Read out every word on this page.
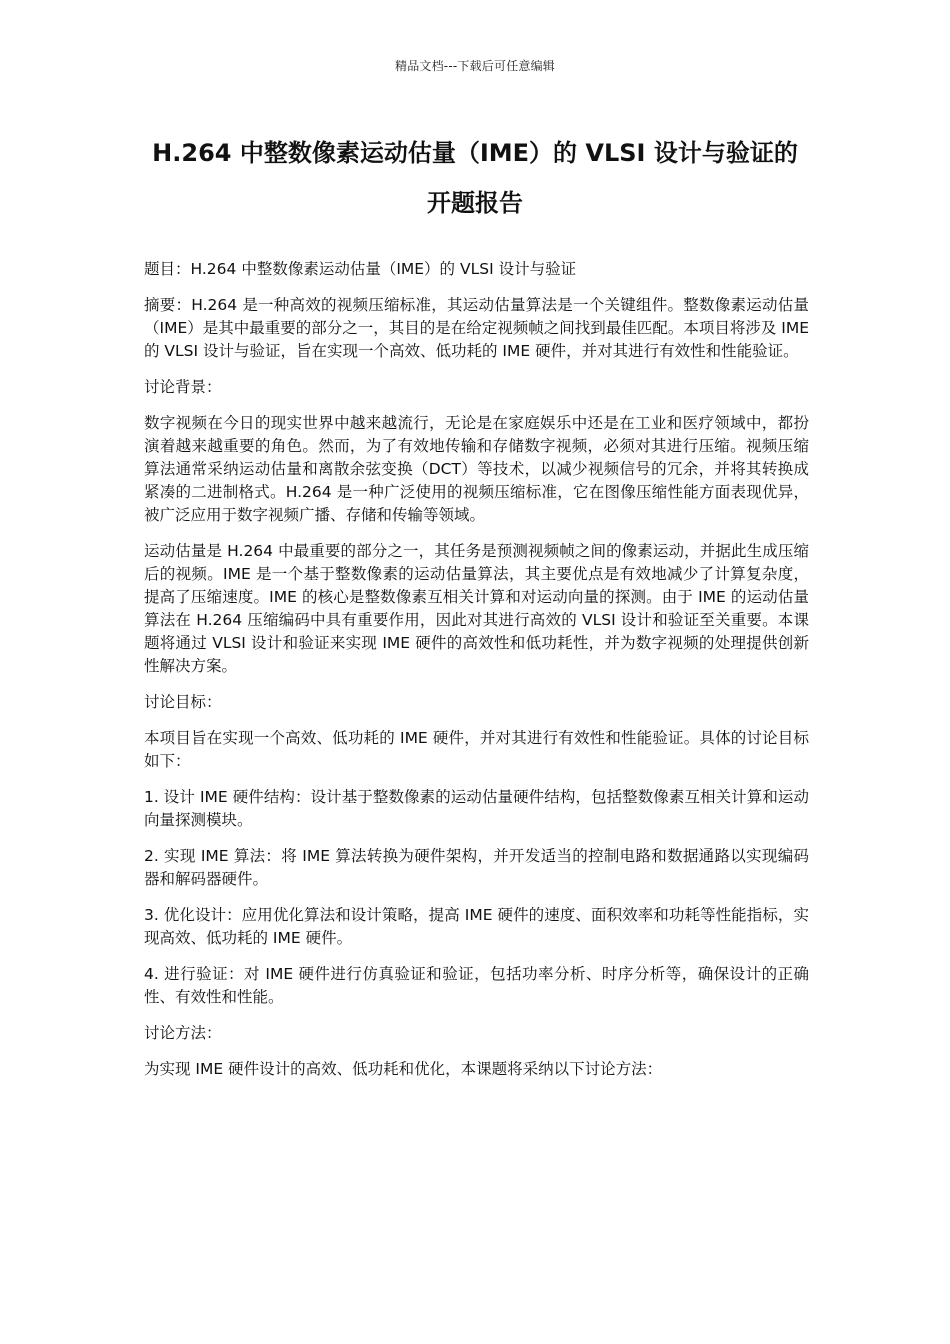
精品文档---下载后可任意编辑
H.264 中整数像素运动估量（IME）的 VLSI 设计与验证的
开题报告

题目：H.264 中整数像素运动估量（IME）的 VLSI 设计与验证

摘要：H.264 是一种高效的视频压缩标准，其运动估量算法是一个关键组件。整数像素运动估量（IME）是其中最重要的部分之一，其目的是在给定视频帧之间找到最佳匹配。本项目将涉及 IME 的 VLSI 设计与验证，旨在实现一个高效、低功耗的 IME 硬件，并对其进行有效性和性能验证。

讨论背景：

数字视频在今日的现实世界中越来越流行，无论是在家庭娱乐中还是在工业和医疗领域中，都扮演着越来越重要的角色。然而，为了有效地传输和存储数字视频，必须对其进行压缩。视频压缩算法通常采纳运动估量和离散余弦变换（DCT）等技术，以减少视频信号的冗余，并将其转换成紧凑的二进制格式。H.264 是一种广泛使用的视频压缩标准，它在图像压缩性能方面表现优异，被广泛应用于数字视频广播、存储和传输等领域。

运动估量是 H.264 中最重要的部分之一，其任务是预测视频帧之间的像素运动，并据此生成压缩后的视频。IME 是一个基于整数像素的运动估量算法，其主要优点是有效地减少了计算复杂度，提高了压缩速度。IME 的核心是整数像素互相关计算和对运动向量的探测。由于 IME 的运动估量算法在 H.264 压缩编码中具有重要作用，因此对其进行高效的 VLSI 设计和验证至关重要。本课题将通过 VLSI 设计和验证来实现 IME 硬件的高效性和低功耗性，并为数字视频的处理提供创新性解决方案。

讨论目标：

本项目旨在实现一个高效、低功耗的 IME 硬件，并对其进行有效性和性能验证。具体的讨论目标如下：

1. 设计 IME 硬件结构：设计基于整数像素的运动估量硬件结构，包括整数像素互相关计算和运动向量探测模块。

2. 实现 IME 算法：将 IME 算法转换为硬件架构，并开发适当的控制电路和数据通路以实现编码器和解码器硬件。

3. 优化设计：应用优化算法和设计策略，提高 IME 硬件的速度、面积效率和功耗等性能指标，实现高效、低功耗的 IME 硬件。

4. 进行验证：对 IME 硬件进行仿真验证和验证，包括功率分析、时序分析等，确保设计的正确性、有效性和性能。

讨论方法：

为实现 IME 硬件设计的高效、低功耗和优化，本课题将采纳以下讨论方法：
